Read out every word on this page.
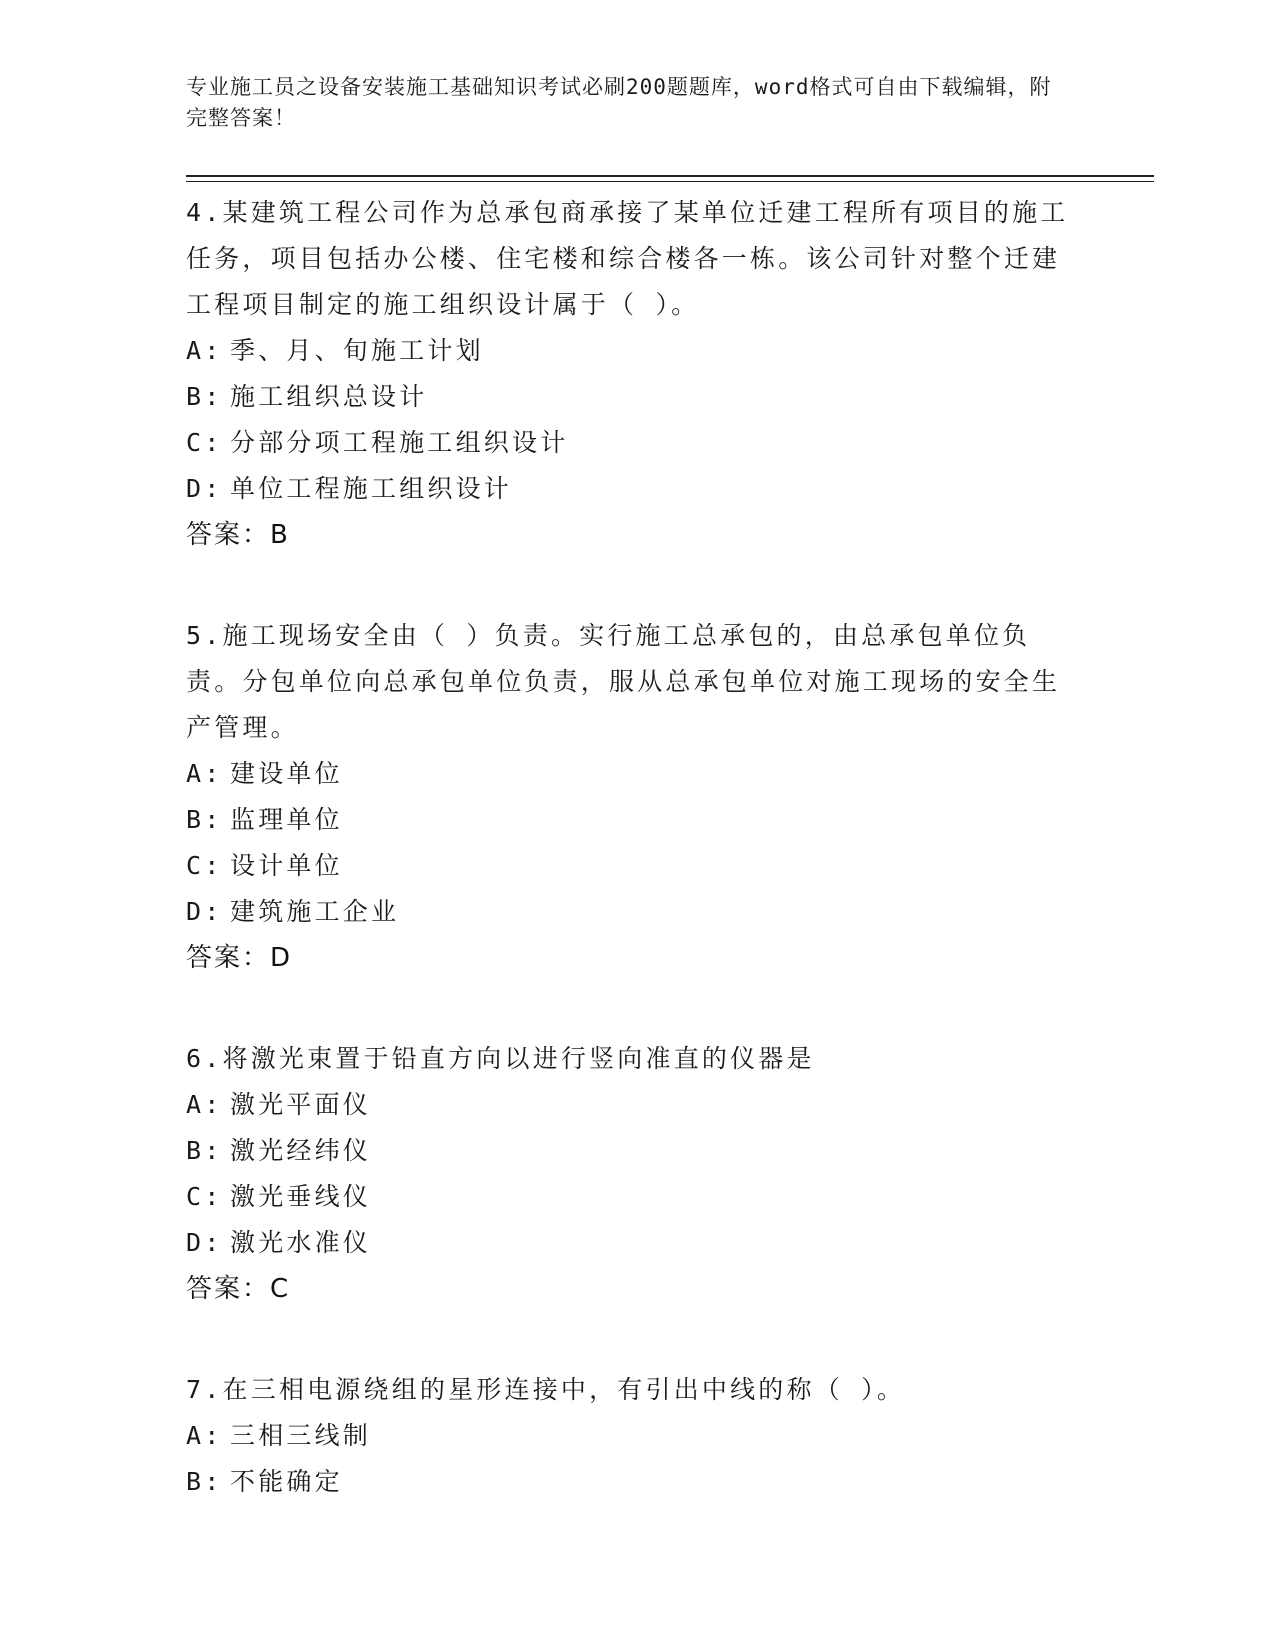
专业施工员之设备安装施工基础知识考试必刷200题题库，word格式可自由下载编辑，附完整答案！
4.某建筑工程公司作为总承包商承接了某单位迁建工程所有项目的施工任务，项目包括办公楼、住宅楼和综合楼各一栋。该公司针对整个迁建工程项目制定的施工组织设计属于（ ）。
A: 季、月、旬施工计划
B: 施工组织总设计
C: 分部分项工程施工组织设计
D: 单位工程施工组织设计
答案：B
5.施工现场安全由（ ）负责。实行施工总承包的，由总承包单位负责。分包单位向总承包单位负责，服从总承包单位对施工现场的安全生产管理。
A: 建设单位
B: 监理单位
C: 设计单位
D: 建筑施工企业
答案：D
6.将激光束置于铅直方向以进行竖向准直的仪器是
A: 激光平面仪
B: 激光经纬仪
C: 激光垂线仪
D: 激光水准仪
答案：C
7.在三相电源绕组的星形连接中，有引出中线的称（ ）。
A: 三相三线制
B: 不能确定
